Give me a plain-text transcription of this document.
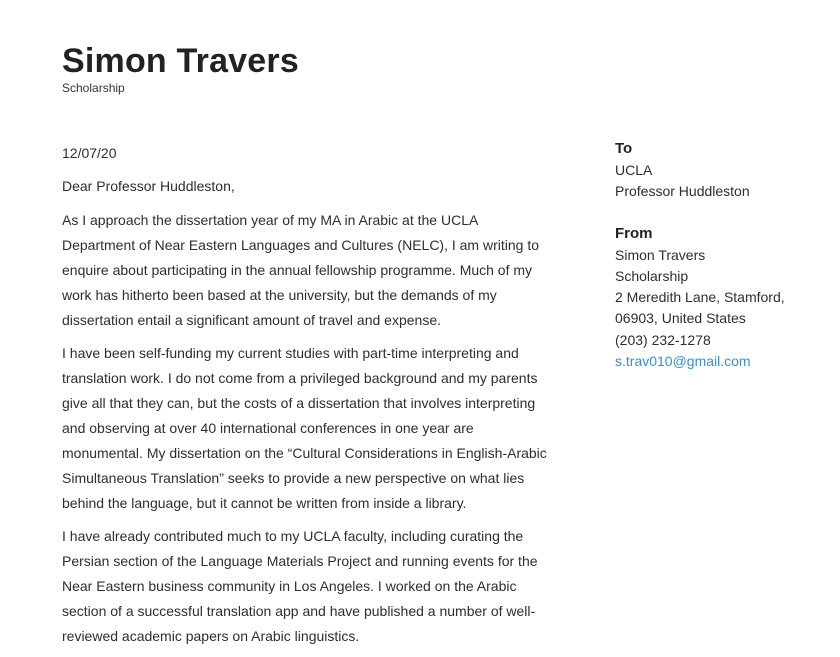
Simon Travers
Scholarship
12/07/20
Dear Professor Huddleston,

As I approach the dissertation year of my MA in Arabic at the UCLA Department of Near Eastern Languages and Cultures (NELC), I am writing to enquire about participating in the annual fellowship programme. Much of my work has hitherto been based at the university, but the demands of my dissertation entail a significant amount of travel and expense.

I have been self-funding my current studies with part-time interpreting and translation work. I do not come from a privileged background and my parents give all that they can, but the costs of a dissertation that involves interpreting and observing at over 40 international conferences in one year are monumental. My dissertation on the “Cultural Considerations in English-Arabic Simultaneous Translation” seeks to provide a new perspective on what lies behind the language, but it cannot be written from inside a library.

I have already contributed much to my UCLA faculty, including curating the Persian section of the Language Materials Project and running events for the Near Eastern business community in Los Angeles. I worked on the Arabic section of a successful translation app and have published a number of well-reviewed academic papers on Arabic linguistics.

To
UCLA
Professor Huddleston
From
Simon Travers
Scholarship
2 Meredith Lane, Stamford,
06903, United States
(203) 232-1278
s.trav010@gmail.com
